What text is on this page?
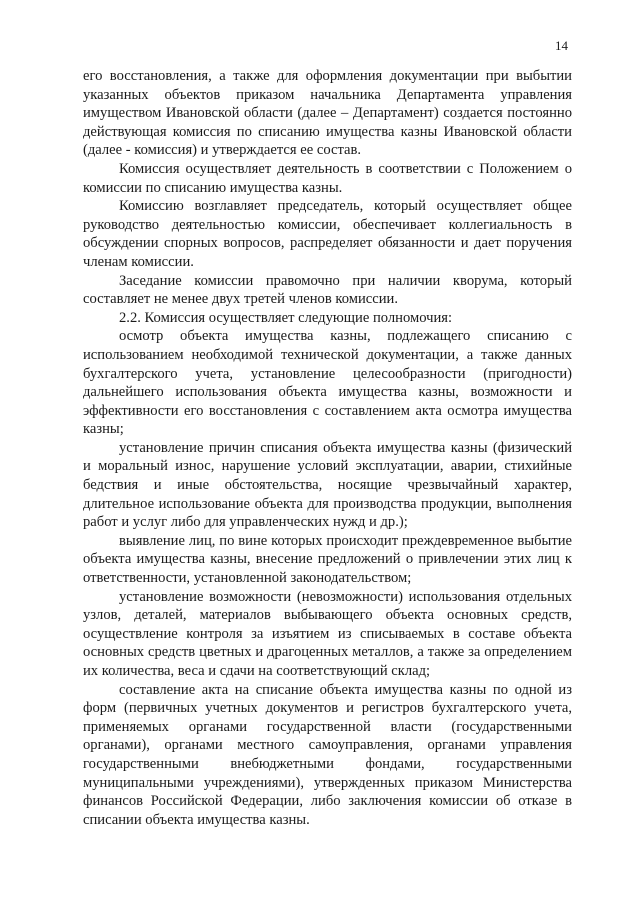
14

его восстановления, а также для оформления документации при выбытии указанных объектов приказом начальника Департамента управления имуществом Ивановской области (далее – Департамент) создается постоянно действующая комиссия по списанию имущества казны Ивановской области (далее - комиссия) и утверждается ее состав.

Комиссия осуществляет деятельность в соответствии с Положением о комиссии по списанию имущества казны.

Комиссию возглавляет председатель, который осуществляет общее руководство деятельностью комиссии, обеспечивает коллегиальность в обсуждении спорных вопросов, распределяет обязанности и дает поручения членам комиссии.

Заседание комиссии правомочно при наличии кворума, который составляет не менее двух третей членов комиссии.

2.2. Комиссия осуществляет следующие полномочия:

осмотр объекта имущества казны, подлежащего списанию с использованием необходимой технической документации, а также данных бухгалтерского учета, установление целесообразности (пригодности) дальнейшего использования объекта имущества казны, возможности и эффективности его восстановления с составлением акта осмотра имущества казны;

установление причин списания объекта имущества казны (физический и моральный износ, нарушение условий эксплуатации, аварии, стихийные бедствия и иные обстоятельства, носящие чрезвычайный характер, длительное использование объекта для производства продукции, выполнения работ и услуг либо для управленческих нужд и др.);

выявление лиц, по вине которых происходит преждевременное выбытие объекта имущества казны, внесение предложений о привлечении этих лиц к ответственности, установленной законодательством;

установление возможности (невозможности) использования отдельных узлов, деталей, материалов выбывающего объекта основных средств, осуществление контроля за изъятием из списываемых в составе объекта основных средств цветных и драгоценных металлов, а также за определением их количества, веса и сдачи на соответствующий склад;

составление акта на списание объекта имущества казны по одной из форм (первичных учетных документов и регистров бухгалтерского учета, применяемых органами государственной власти (государственными органами), органами местного самоуправления, органами управления государственными внебюджетными фондами, государственными муниципальными учреждениями), утвержденных приказом Министерства финансов Российской Федерации, либо заключения комиссии об отказе в списании объекта имущества казны.
